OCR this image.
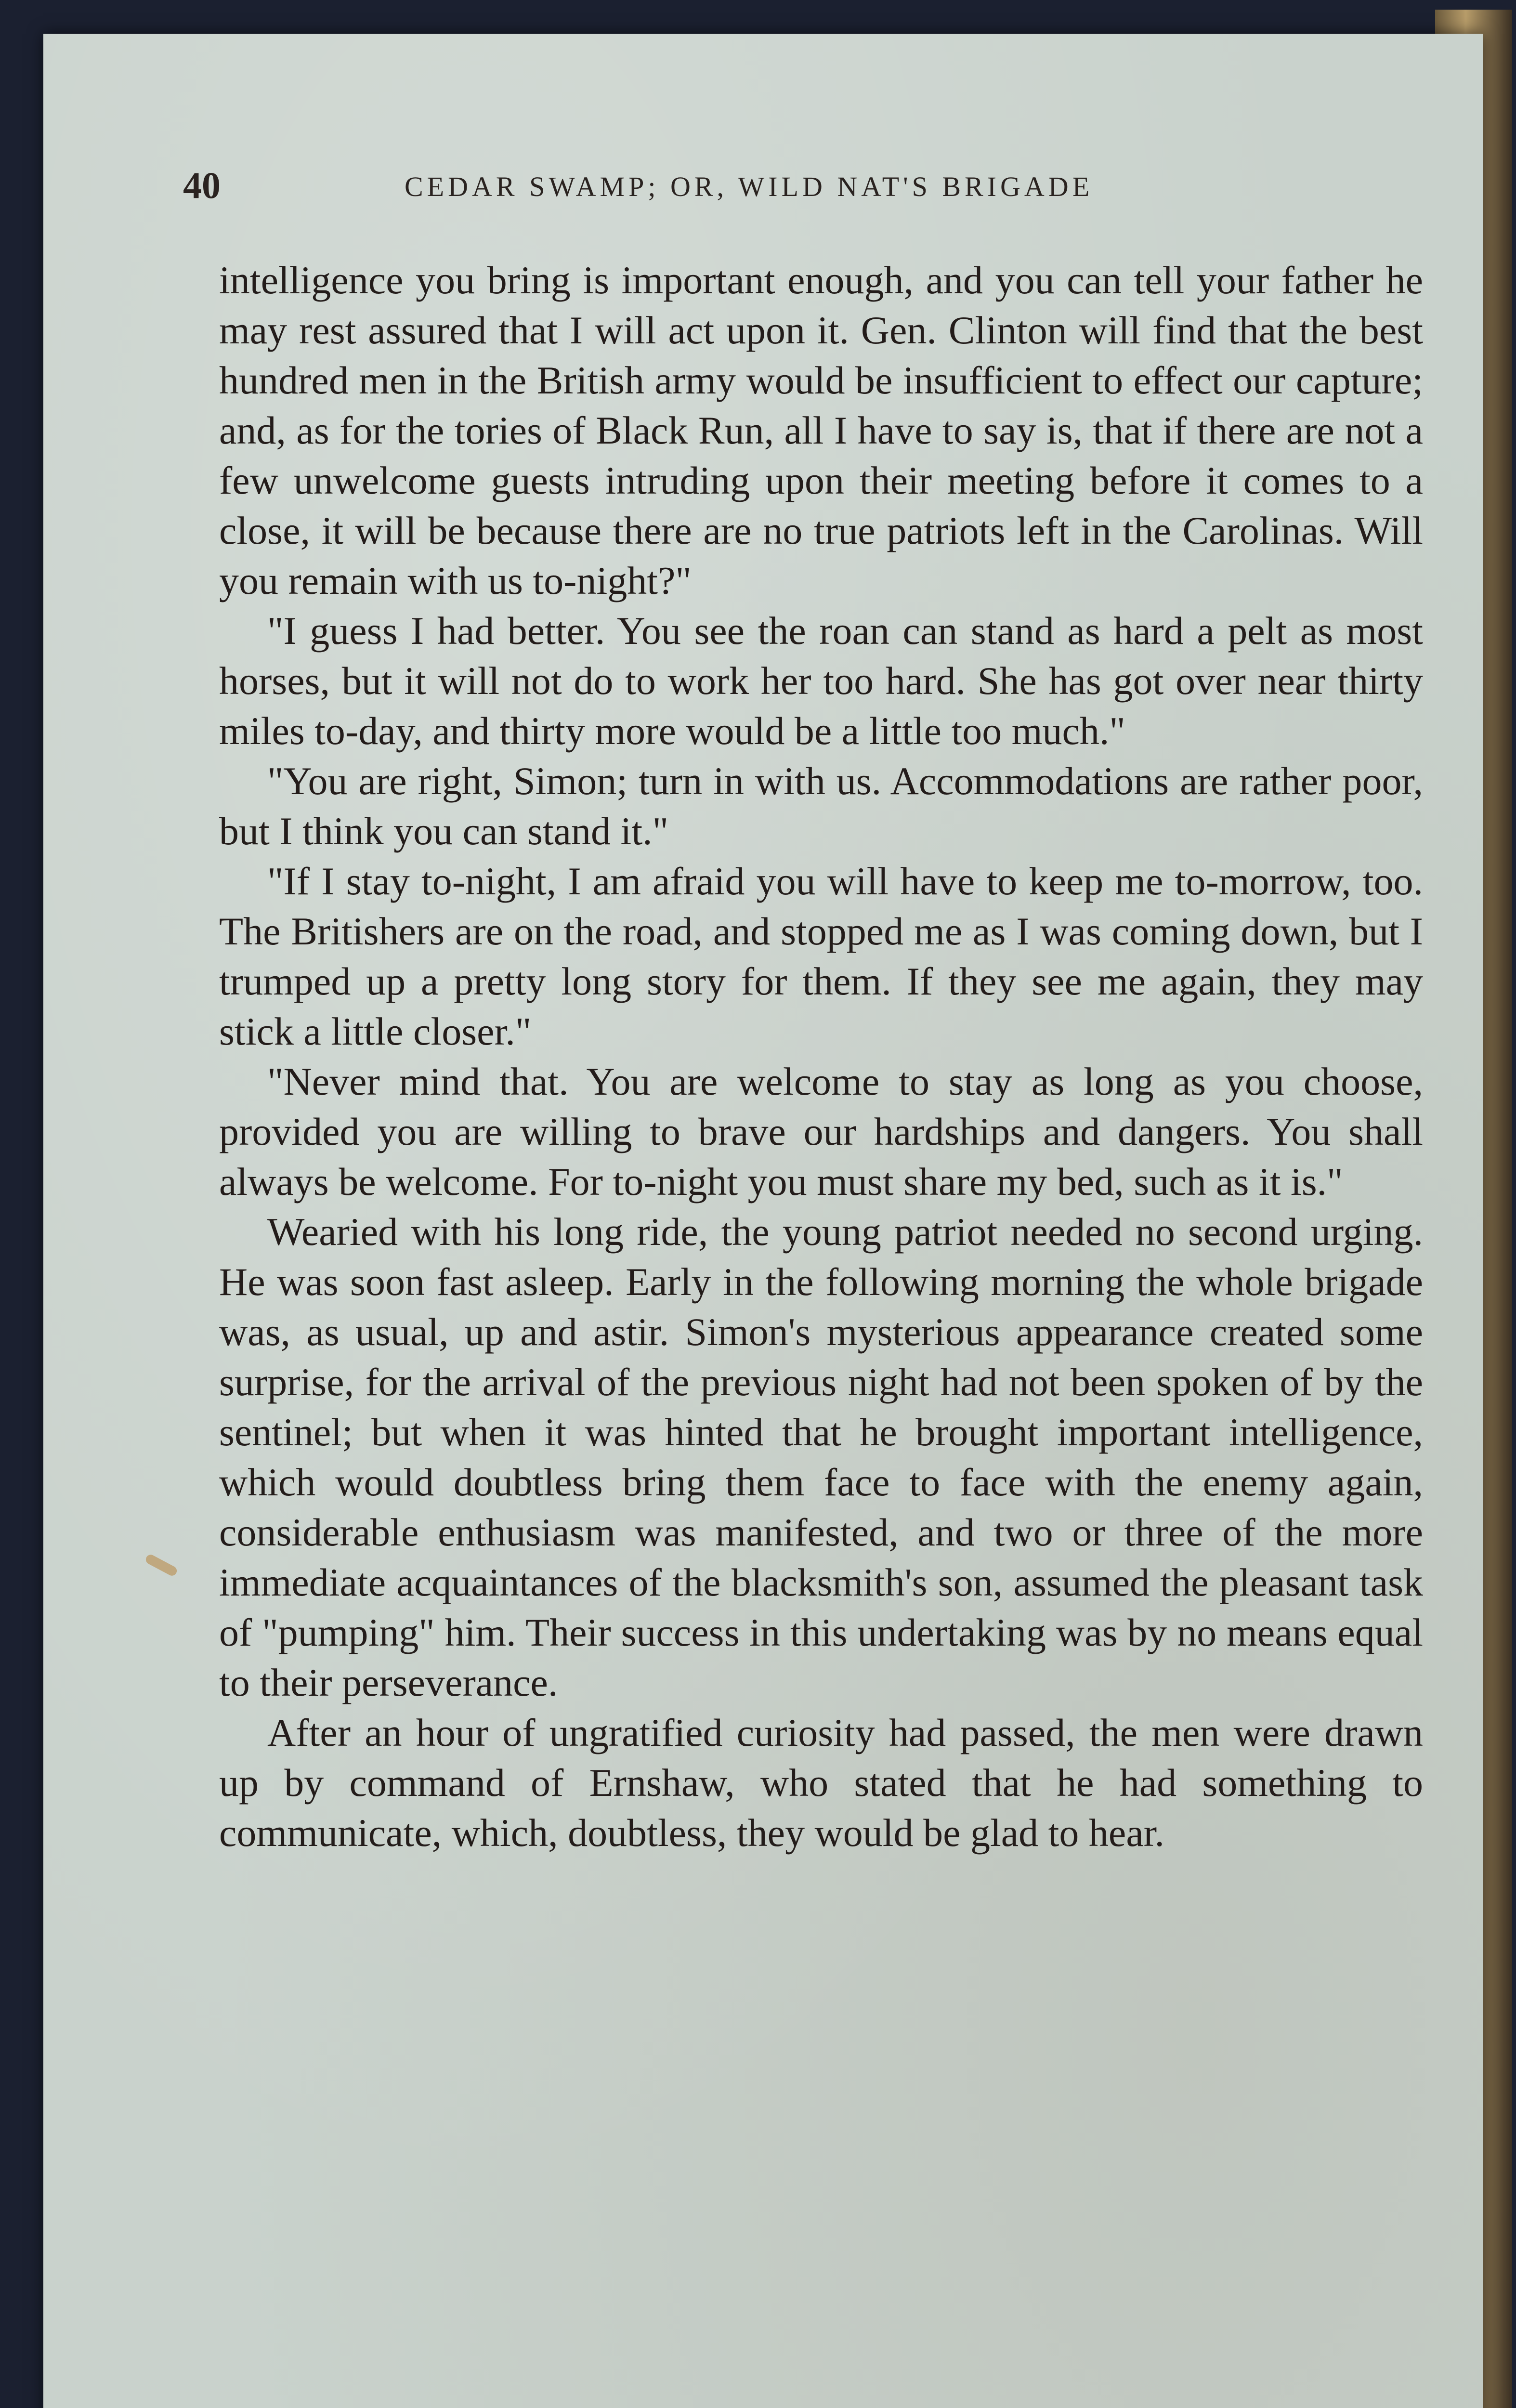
40	CEDAR SWAMP; OR, WILD NAT'S BRIGADE

intelligence you bring is important enough, and you can tell your father he may rest assured that I will act upon it. Gen. Clinton will find that the best hundred men in the British army would be insufficient to effect our capture; and, as for the tories of Black Run, all I have to say is, that if there are not a few unwelcome guests intruding upon their meeting before it comes to a close, it will be because there are no true patriots left in the Carolinas. Will you remain with us to-night?"

"I guess I had better. You see the roan can stand as hard a pelt as most horses, but it will not do to work her too hard. She has got over near thirty miles to-day, and thirty more would be a little too much."

"You are right, Simon; turn in with us. Accommodations are rather poor, but I think you can stand it."

"If I stay to-night, I am afraid you will have to keep me to-morrow, too. The Britishers are on the road, and stopped me as I was coming down, but I trumped up a pretty long story for them. If they see me again, they may stick a little closer."

"Never mind that. You are welcome to stay as long as you choose, provided you are willing to brave our hardships and dangers. You shall always be welcome. For to-night you must share my bed, such as it is."

Wearied with his long ride, the young patriot needed no second urging. He was soon fast asleep. Early in the following morning the whole brigade was, as usual, up and astir. Simon's mysterious appearance created some surprise, for the arrival of the previous night had not been spoken of by the sentinel; but when it was hinted that he brought important intelligence, which would doubtless bring them face to face with the enemy again, considerable enthusiasm was manifested, and two or three of the more immediate acquaintances of the blacksmith's son, assumed the pleasant task of "pumping" him. Their success in this undertaking was by no means equal to their perseverance.

After an hour of ungratified curiosity had passed, the men were drawn up by command of Ernshaw, who stated that he had something to communicate, which, doubtless, they would be glad to hear.
